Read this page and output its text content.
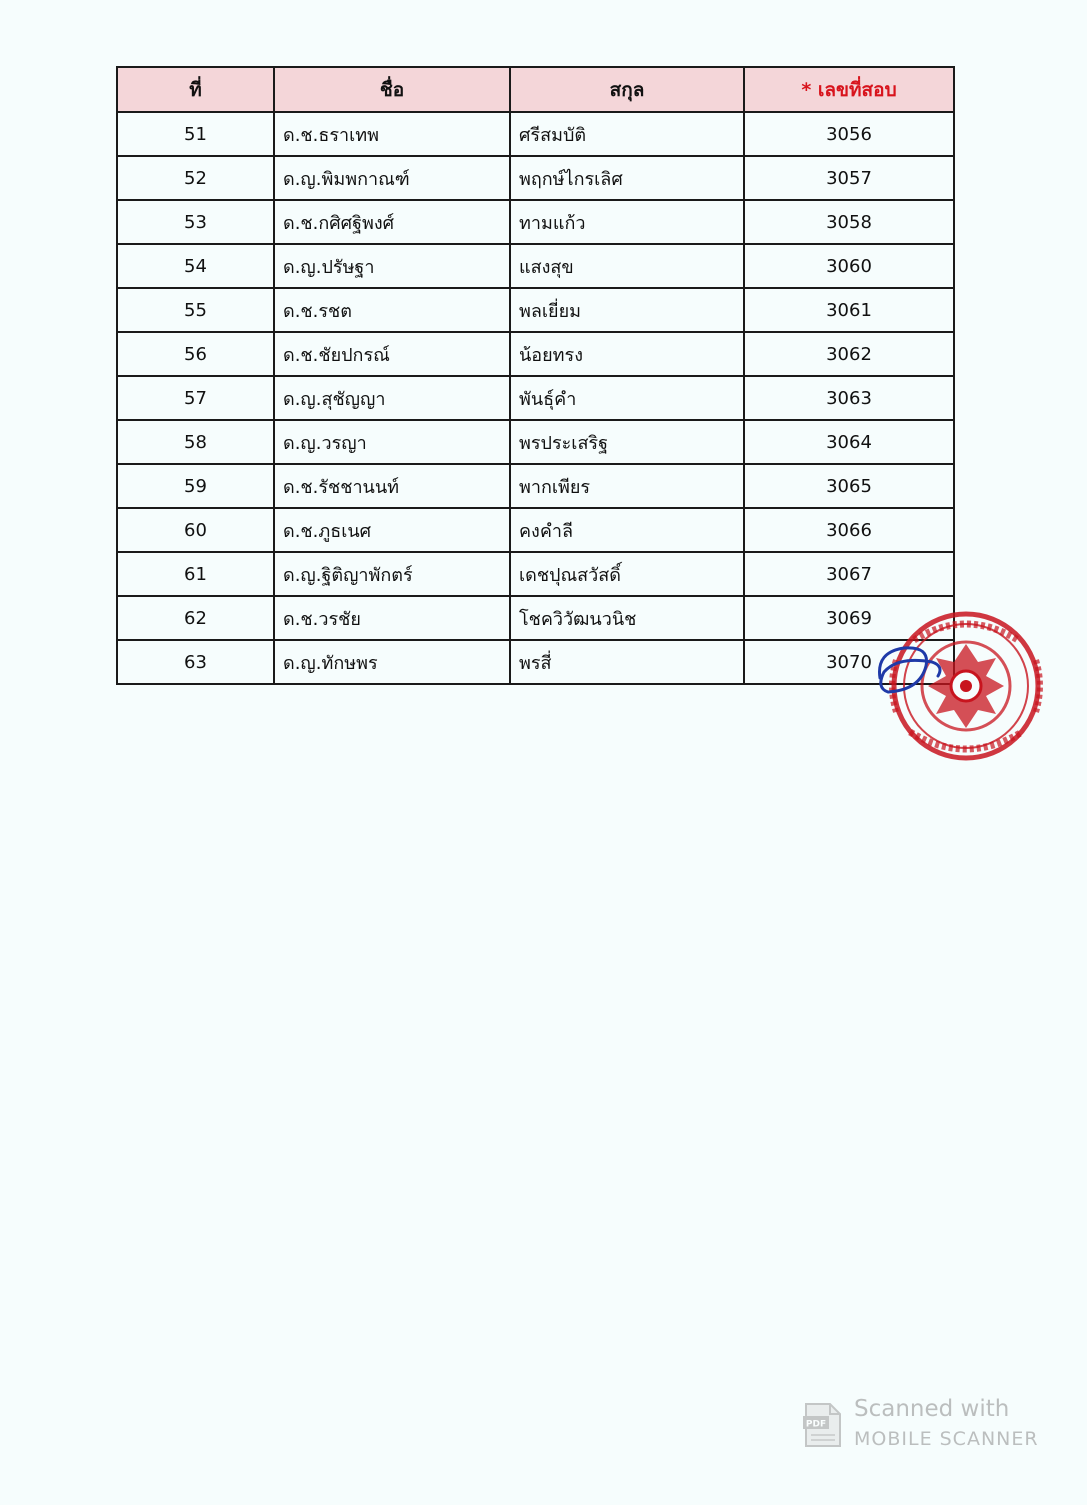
ที่	ชื่อ	สกุล	* เลขที่สอบ
51	ด.ช.ธราเทพ	ศรีสมบัติ	3056
52	ด.ญ.พิมพกาณฑ์	พฤกษ์ไกรเลิศ	3057
53	ด.ช.กศิศฐิพงศ์	ทามแก้ว	3058
54	ด.ญ.ปรัษฐา	แสงสุข	3060
55	ด.ช.รชต	พลเยี่ยม	3061
56	ด.ช.ชัยปกรณ์	น้อยทรง	3062
57	ด.ญ.สุชัญญา	พันธุ์คำ	3063
58	ด.ญ.วรญา	พรประเสริฐ	3064
59	ด.ช.รัชชานนท์	พากเพียร	3065
60	ด.ช.ภูธเนศ	คงคำลี	3066
61	ด.ญ.ฐิติญาพักตร์	เดชปุณสวัสดิ์	3067
62	ด.ช.วรชัย	โชควิวัฒนวนิช	3069
63	ด.ญ.ทักษพร	พรสี่	3070
PDF
Scanned with
MOBILE SCANNER
